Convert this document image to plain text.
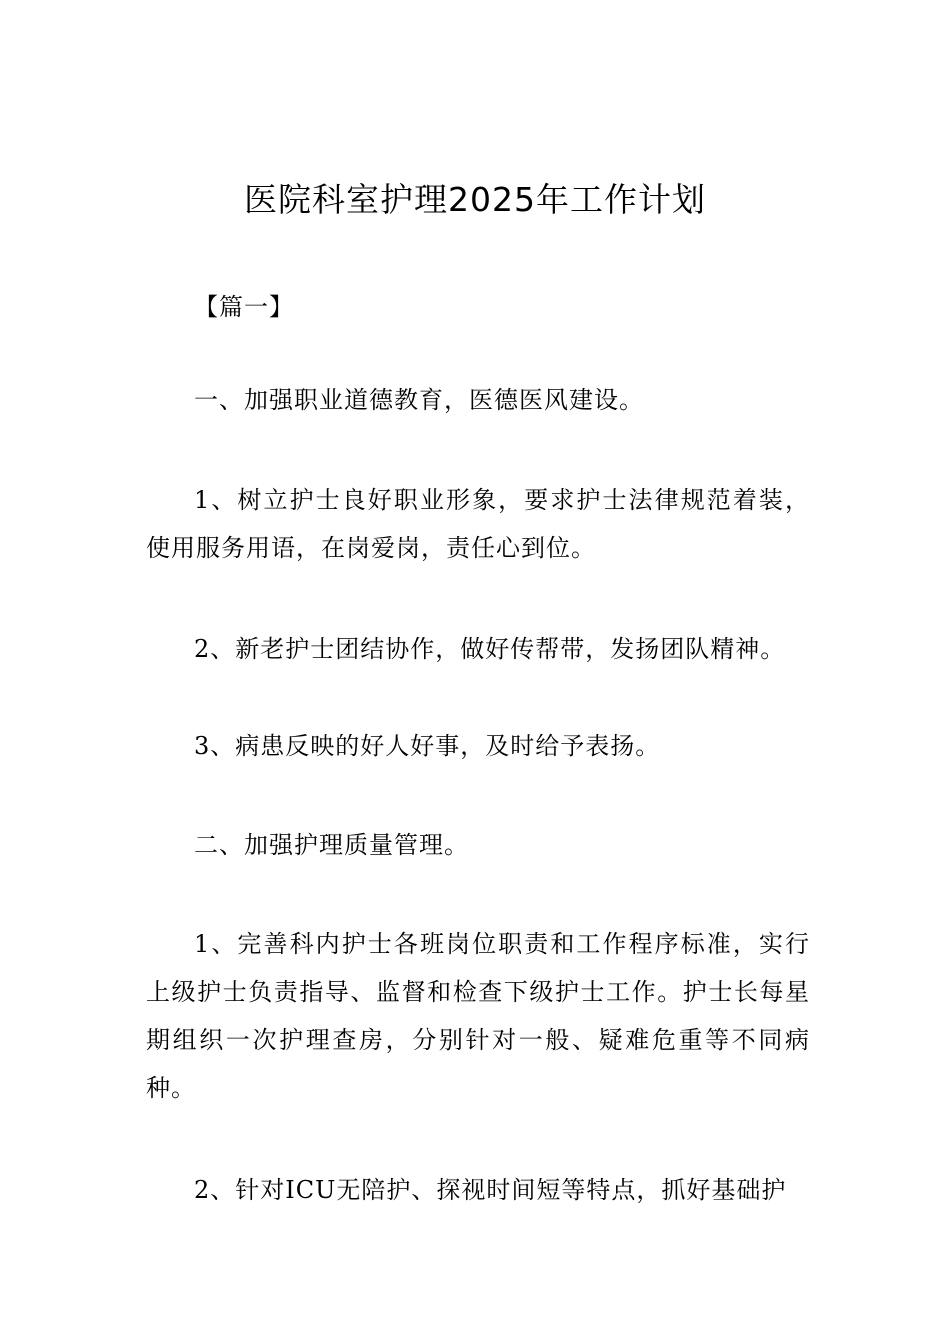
医院科室护理2025年工作计划

【篇一】

一、加强职业道德教育，医德医风建设。

1、树立护士良好职业形象，要求护士法律规范着装，使用服务用语，在岗爱岗，责任心到位。

2、新老护士团结协作，做好传帮带，发扬团队精神。

3、病患反映的好人好事，及时给予表扬。

二、加强护理质量管理。

1、完善科内护士各班岗位职责和工作程序标准，实行上级护士负责指导、监督和检查下级护士工作。护士长每星期组织一次护理查房，分别针对一般、疑难危重等不同病种。

2、针对ICU无陪护、探视时间短等特点，抓好基础护
